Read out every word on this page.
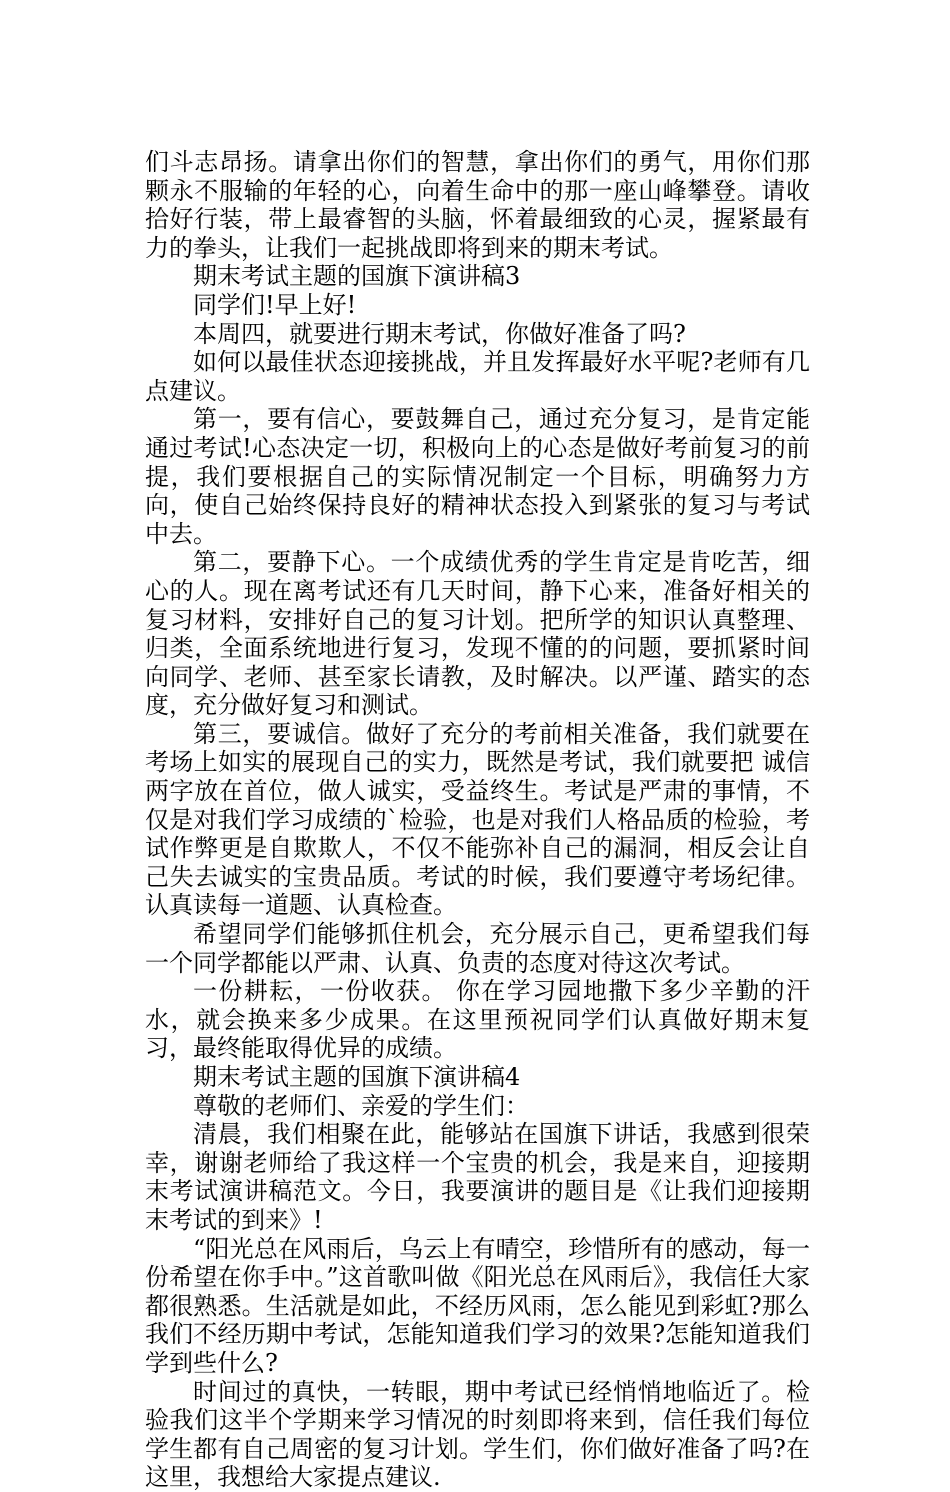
们斗志昂扬。请拿出你们的智慧，拿出你们的勇气，用你们那颗永不服输的年轻的心，向着生命中的那一座山峰攀登。请收拾好行装，带上最睿智的头脑，怀着最细致的心灵，握紧最有力的拳头，让我们一起挑战即将到来的期末考试。

期末考试主题的国旗下演讲稿3

同学们!早上好!

本周四，就要进行期末考试，你做好准备了吗?

如何以最佳状态迎接挑战，并且发挥最好水平呢?老师有几点建议。

第一，要有信心，要鼓舞自己，通过充分复习，是肯定能通过考试!心态决定一切，积极向上的心态是做好考前复习的前提，我们要根据自己的实际情况制定一个目标，明确努力方向，使自己始终保持良好的精神状态投入到紧张的复习与考试中去。

第二，要静下心。一个成绩优秀的学生肯定是肯吃苦，细心的人。现在离考试还有几天时间，静下心来，准备好相关的复习材料，安排好自己的复习计划。把所学的知识认真整理、归类，全面系统地进行复习，发现不懂的的问题，要抓紧时间向同学、老师、甚至家长请教，及时解决。以严谨、踏实的态度，充分做好复习和测试。

第三，要诚信。做好了充分的考前相关准备，我们就要在考场上如实的展现自己的实力，既然是考试，我们就要把 诚信 两字放在首位，做人诚实，受益终生。考试是严肃的事情，不仅是对我们学习成绩的`检验，也是对我们人格品质的检验，考试作弊更是自欺欺人，不仅不能弥补自己的漏洞，相反会让自己失去诚实的宝贵品质。考试的时候，我们要遵守考场纪律。认真读每一道题、认真检查。

希望同学们能够抓住机会，充分展示自己，更希望我们每一个同学都能以严肃、认真、负责的态度对待这次考试。

一份耕耘，一份收获。 你在学习园地撒下多少辛勤的汗水，就会换来多少成果。在这里预祝同学们认真做好期末复习，最终能取得优异的成绩。

期末考试主题的国旗下演讲稿4

尊敬的老师们、亲爱的学生们：

清晨，我们相聚在此，能够站在国旗下讲话，我感到很荣幸，谢谢老师给了我这样一个宝贵的机会，我是来自，迎接期末考试演讲稿范文。今日，我要演讲的题目是《让我们迎接期末考试的到来》!

“阳光总在风雨后，乌云上有晴空，珍惜所有的感动，每一份希望在你手中。”这首歌叫做《阳光总在风雨后》，我信任大家都很熟悉。生活就是如此，不经历风雨，怎么能见到彩虹?那么我们不经历期中考试，怎能知道我们学习的效果?怎能知道我们学到些什么?

时间过的真快，一转眼，期中考试已经悄悄地临近了。检验我们这半个学期来学习情况的时刻即将来到，信任我们每位学生都有自己周密的复习计划。学生们，你们做好准备了吗?在这里，我想给大家提点建议.
